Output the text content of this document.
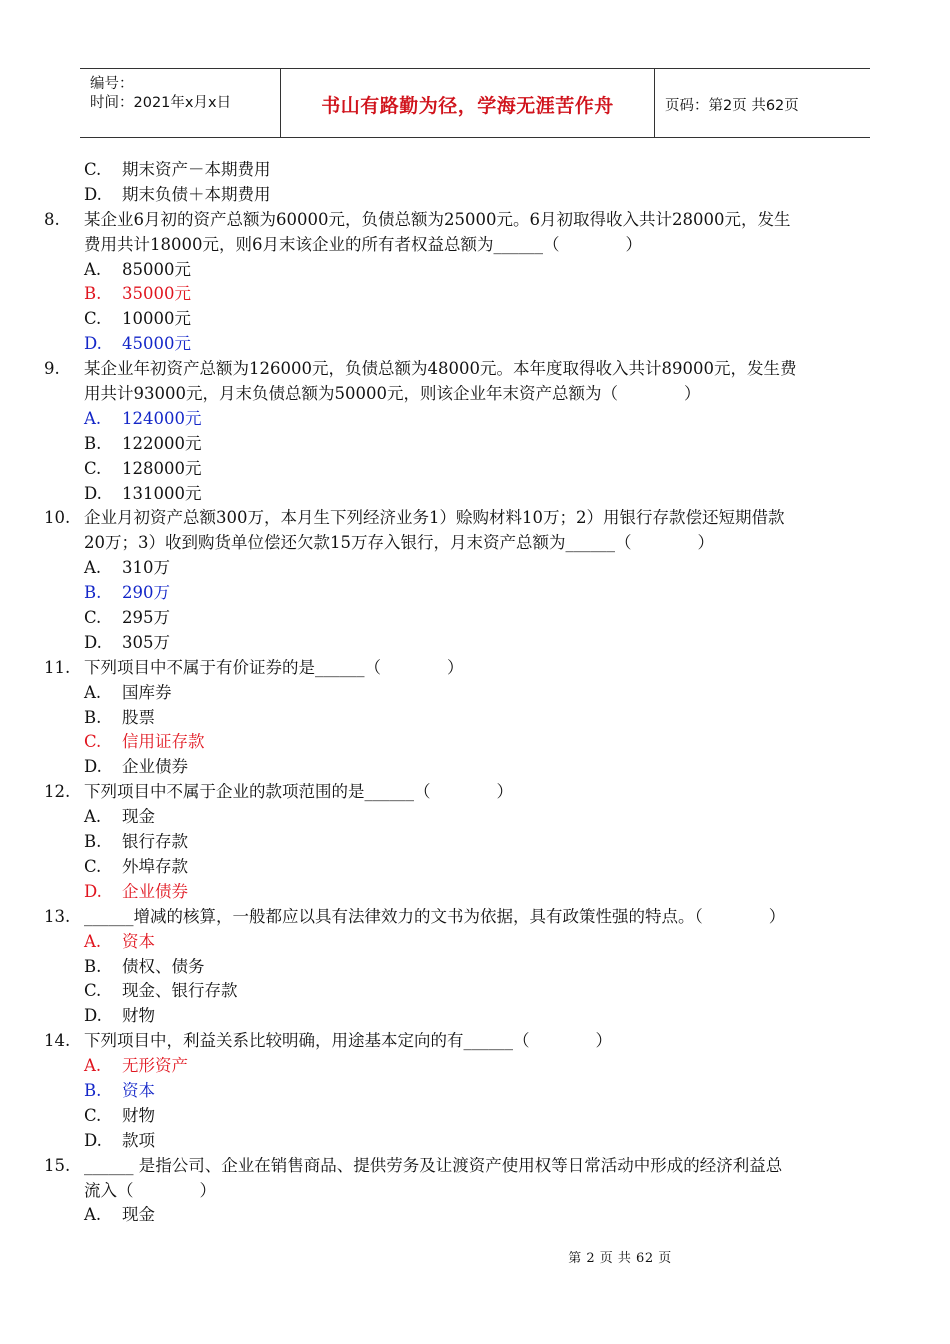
编号：
时间：2021年x月x日	书山有路勤为径，学海无涯苦作舟	页码：第2页 共62页
C. 期末资产－本期费用
D. 期末负债＋本期费用
8.	某企业6月初的资产总额为60000元，负债总额为25000元。6月初取得收入共计28000元，发生
费用共计18000元，则6月末该企业的所有者权益总额为______（　　　　）
A. 85000元
B. 35000元
C. 10000元
D. 45000元
9.	某企业年初资产总额为126000元，负债总额为48000元。本年度取得收入共计89000元，发生费
用共计93000元，月末负债总额为50000元，则该企业年末资产总额为（　　　　）
A. 124000元
B. 122000元
C. 128000元
D. 131000元
10. 企业月初资产总额300万，本月生下列经济业务1）赊购材料10万；2）用银行存款偿还短期借款
20万；3）收到购货单位偿还欠款15万存入银行，月末资产总额为______（　　　　）
A. 310万
B. 290万
C. 295万
D. 305万
11. 下列项目中不属于有价证券的是______（　　　　）
A. 国库券
B. 股票
C. 信用证存款
D. 企业债券
12. 下列项目中不属于企业的款项范围的是______（　　　　）
A. 现金
B. 银行存款
C. 外埠存款
D. 企业债券
13. ______增减的核算，一般都应以具有法律效力的文书为依据，具有政策性强的特点。（　　　　）
A. 资本
B. 债权、债务
C. 现金、银行存款
D. 财物
14. 下列项目中，利益关系比较明确，用途基本定向的有______（　　　　）
A. 无形资产
B. 资本
C. 财物
D. 款项
15. ______ 是指公司、企业在销售商品、提供劳务及让渡资产使用权等日常活动中形成的经济利益总
流入（　　　　）
A. 现金
第 2 页 共 62 页
